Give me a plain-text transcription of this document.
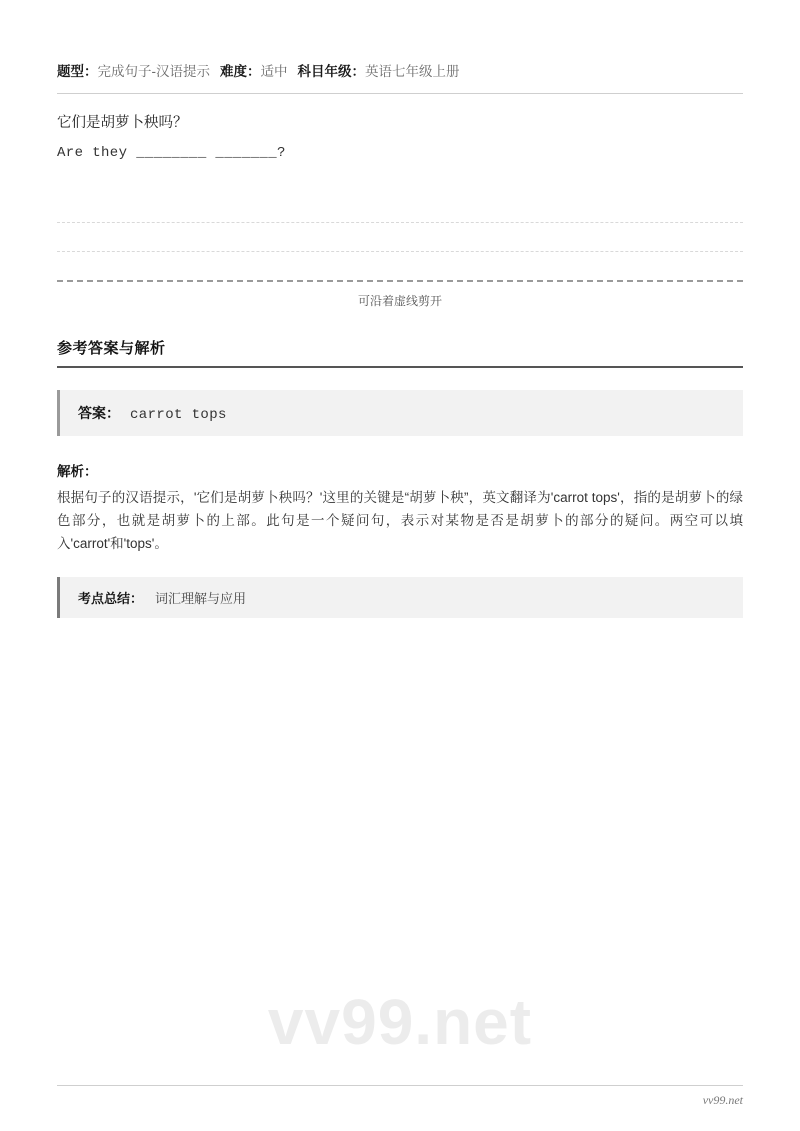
题型：完成句子-汉语提示 难度：适中 科目年级：英语七年级上册
它们是胡萝卜秧吗？
Are they ________ _______?
可沿着虚线剪开
参考答案与解析
答案： carrot tops
解析：
根据句子的汉语提示，'它们是胡萝卜秧吗？'这里的关键是“胡萝卜秧”，英文翻译为'carrot tops'，指的是胡萝卜的绿色部分，也就是胡萝卜的上部。此句是一个疑问句，表示对某物是否是胡萝卜的部分的疑问。两空可以填入'carrot'和'tops'。
考点总结： 词汇理解与应用
vv99.net
vv99.net
